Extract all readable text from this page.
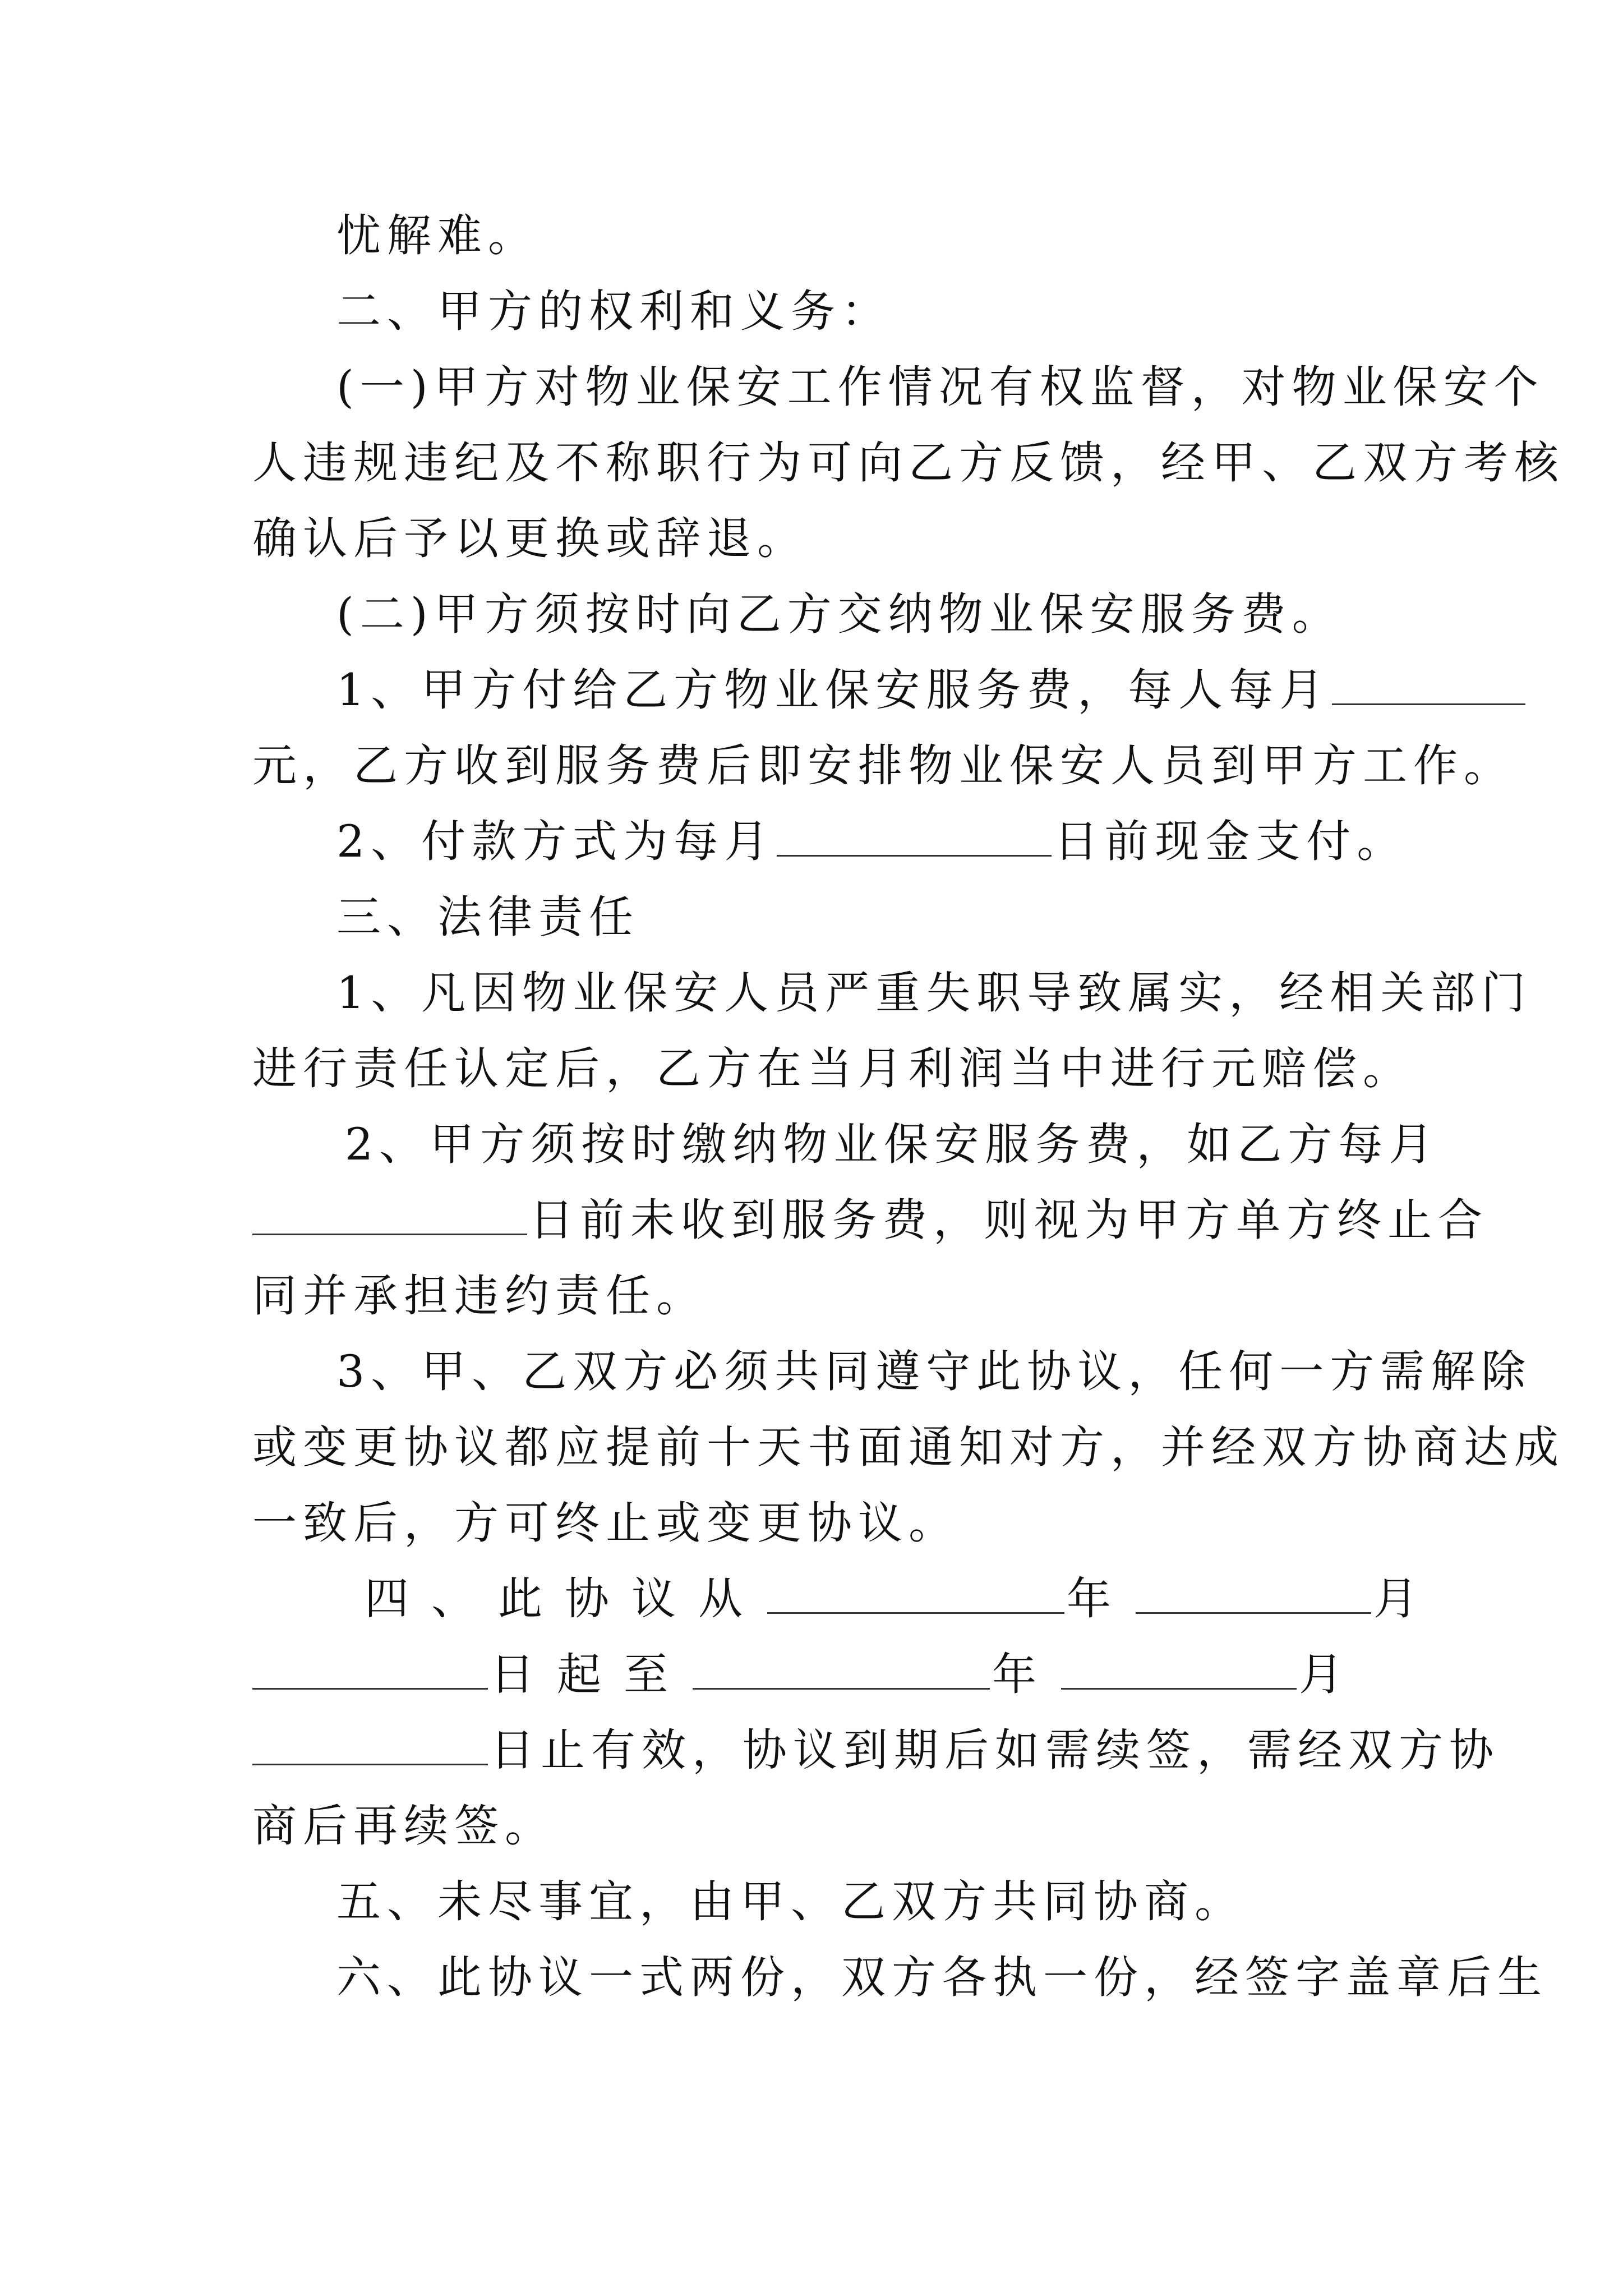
忧解难。
二、甲方的权利和义务：
(一)甲方对物业保安工作情况有权监督，对物业保安个
人违规违纪及不称职行为可向乙方反馈，经甲、乙双方考核
确认后予以更换或辞退。
(二)甲方须按时向乙方交纳物业保安服务费。
1、甲方付给乙方物业保安服务费，每人每月
元，乙方收到服务费后即安排物业保安人员到甲方工作。
2、付款方式为每月	日前现金支付。
三、法律责任
1、凡因物业保安人员严重失职导致属实，经相关部门
进行责任认定后，乙方在当月利润当中进行元赔偿。
2、甲方须按时缴纳物业保安服务费，如乙方每月
日前未收到服务费，则视为甲方单方终止合
同并承担违约责任。
3、甲、乙双方必须共同遵守此协议，任何一方需解除
或变更协议都应提前十天书面通知对方，并经双方协商达成
一致后，方可终止或变更协议。
四、此协议从	年	月
日起至	年	月
日止有效，协议到期后如需续签，需经双方协
商后再续签。
五、未尽事宜，由甲、乙双方共同协商。
六、此协议一式两份，双方各执一份，经签字盖章后生
